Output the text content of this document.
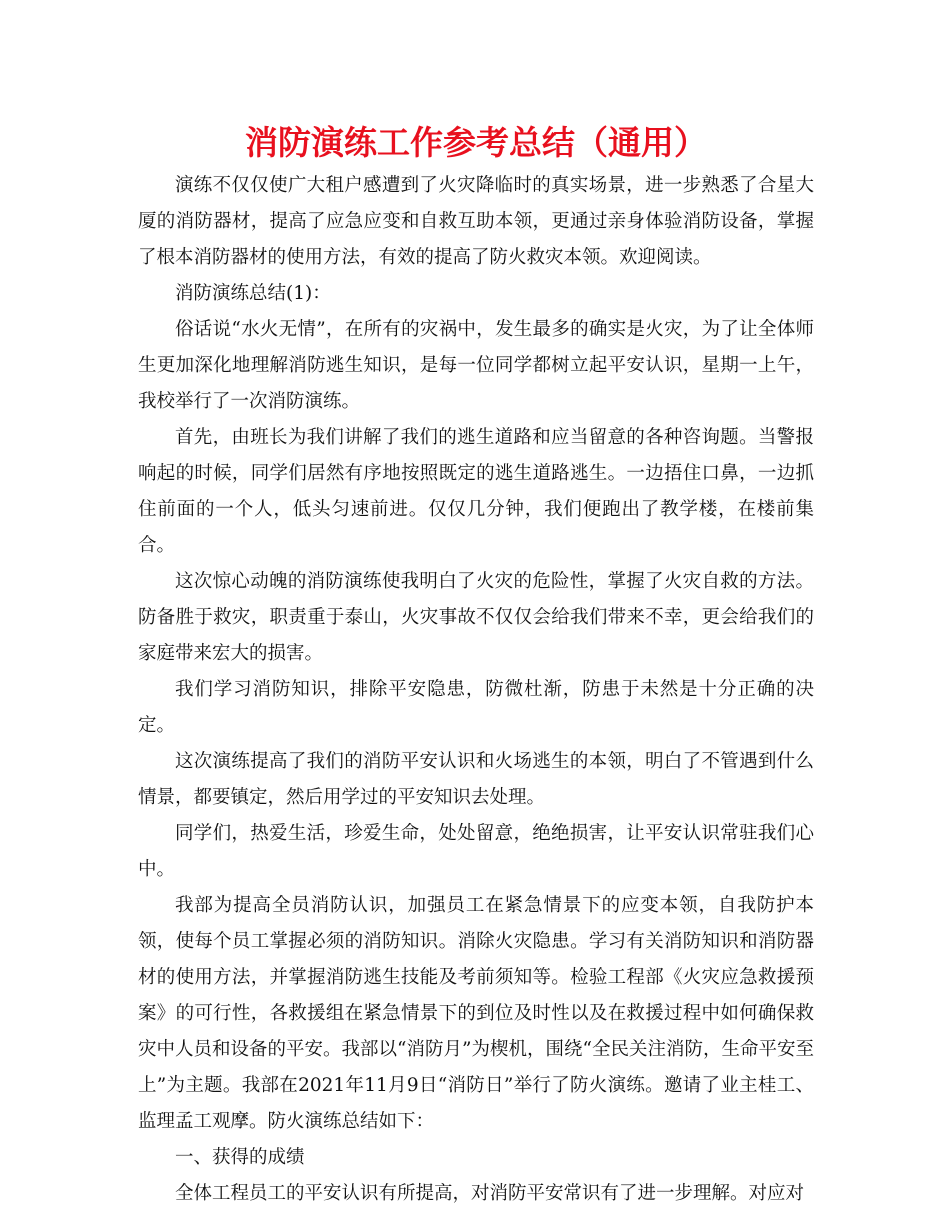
消防演练工作参考总结（通用）

演练不仅仅使广大租户感遭到了火灾降临时的真实场景，进一步熟悉了合星大厦的消防器材，提高了应急应变和自救互助本领，更通过亲身体验消防设备，掌握了根本消防器材的使用方法，有效的提高了防火救灾本领。欢迎阅读。

消防演练总结(1)：

俗话说“水火无情”，在所有的灾祸中，发生最多的确实是火灾，为了让全体师生更加深化地理解消防逃生知识，是每一位同学都树立起平安认识，星期一上午，我校举行了一次消防演练。

首先，由班长为我们讲解了我们的逃生道路和应当留意的各种咨询题。当警报响起的时候，同学们居然有序地按照既定的逃生道路逃生。一边捂住口鼻，一边抓住前面的一个人，低头匀速前进。仅仅几分钟，我们便跑出了教学楼，在楼前集合。

这次惊心动魄的消防演练使我明白了火灾的危险性，掌握了火灾自救的方法。防备胜于救灾，职责重于泰山，火灾事故不仅仅会给我们带来不幸，更会给我们的家庭带来宏大的损害。

我们学习消防知识，排除平安隐患，防微杜渐，防患于未然是十分正确的决定。

这次演练提高了我们的消防平安认识和火场逃生的本领，明白了不管遇到什么情景，都要镇定，然后用学过的平安知识去处理。

同学们，热爱生活，珍爱生命，处处留意，绝绝损害，让平安认识常驻我们心中。

我部为提高全员消防认识，加强员工在紧急情景下的应变本领，自我防护本领，使每个员工掌握必须的消防知识。消除火灾隐患。学习有关消防知识和消防器材的使用方法，并掌握消防逃生技能及考前须知等。检验工程部《火灾应急救援预案》的可行性，各救援组在紧急情景下的到位及时性以及在救援过程中如何确保救灾中人员和设备的平安。我部以“消防月”为楔机，围绕“全民关注消防，生命平安至上”为主题。我部在2021年11月9日“消防日”举行了防火演练。邀请了业主桂工、监理孟工观摩。防火演练总结如下：

一、获得的成绩

全体工程员工的平安认识有所提高，对消防平安常识有了进一步理解。对应对
